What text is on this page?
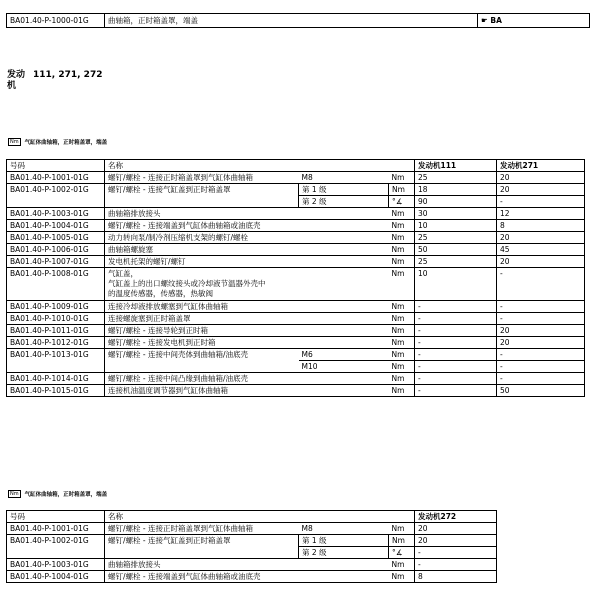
BA01.40-P-1000-01G	曲轴箱，正时箱盖罩，端盖	☛ BA
发动 111, 271, 272
机
Nm	气缸体曲轴箱，正时箱盖罩，端盖
号码	名称			发动机111	发动机271
BA01.40-P-1001-01G	螺钉/螺栓 - 连接正时箱盖罩到气缸体曲轴箱	M8	Nm	25	20
BA01.40-P-1002-01G	螺钉/螺栓 - 连接气缸盖到正时箱盖罩	第 1 级	Nm	18	20
		第 2 级	°∡	90	-
BA01.40-P-1003-01G	曲轴箱排放接头		Nm	30	12
BA01.40-P-1004-01G	螺钉/螺栓 - 连接端盖到气缸体曲轴箱或油底壳		Nm	10	8
BA01.40-P-1005-01G	动力转向泵/制冷剂压缩机支架的螺钉/螺栓		Nm	25	20
BA01.40-P-1006-01G	曲轴箱螺旋塞		Nm	50	45
BA01.40-P-1007-01G	发电机托架的螺钉/螺钉		Nm	25	20
BA01.40-P-1008-01G	气缸盖，
气缸盖上的出口螺纹接头或冷却液节温器外壳中
的温度传感器，传感器，热敏阀		Nm	10	-
BA01.40-P-1009-01G	连接冷却液排放螺塞到气缸体曲轴箱		Nm	-	-
BA01.40-P-1010-01G	连接螺旋塞到正时箱盖罩		Nm	-	-
BA01.40-P-1011-01G	螺钉/螺栓 - 连接导轮到正时箱		Nm	-	20
BA01.40-P-1012-01G	螺钉/螺栓 - 连接发电机到正时箱		Nm	-	20
BA01.40-P-1013-01G	螺钉/螺栓 - 连接中间壳体到曲轴箱/油底壳	M6	Nm	-	-
		M10	Nm	-	-
BA01.40-P-1014-01G	螺钉/螺栓 - 连接中间凸缘到曲轴箱/油底壳		Nm	-	-
BA01.40-P-1015-01G	连接机油温度调节器到气缸体曲轴箱		Nm	-	50
Nm	气缸体曲轴箱，正时箱盖罩，端盖
号码	名称			发动机272
BA01.40-P-1001-01G	螺钉/螺栓 - 连接正时箱盖罩到气缸体曲轴箱	M8	Nm	20
BA01.40-P-1002-01G	螺钉/螺栓 - 连接气缸盖到正时箱盖罩	第 1 级	Nm	20
		第 2 级	°∡	-
BA01.40-P-1003-01G	曲轴箱排放接头		Nm	-
BA01.40-P-1004-01G	螺钉/螺栓 - 连接端盖到气缸体曲轴箱或油底壳		Nm	8
